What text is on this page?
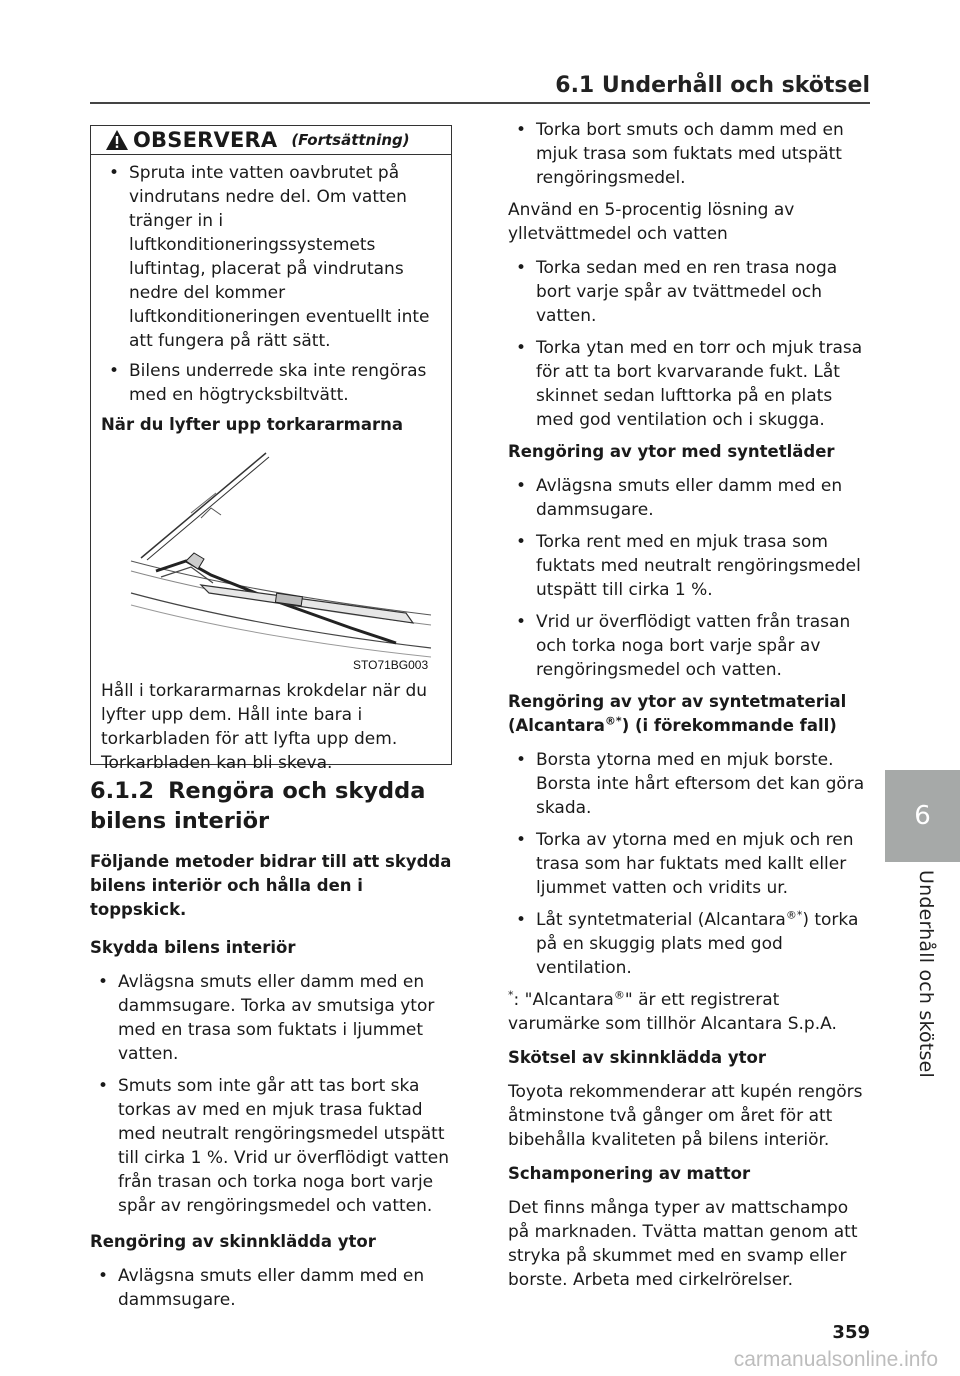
6.1 Underhåll och skötsel
OBSERVERA (Fortsättning)
• Spruta inte vatten oavbrutet på vindrutans nedre del. Om vatten tränger in i luftkonditioneringssystemets luftintag, placerat på vindrutans nedre del kommer luftkonditioneringen eventuellt inte att fungera på rätt sätt.
• Bilens underrede ska inte rengöras med en högtrycksbiltvätt.
När du lyfter upp torkararmarna
STO71BG003
Håll i torkararmarnas krokdelar när du lyfter upp dem. Håll inte bara i torkarbladen för att lyfta upp dem. Torkarbladen kan bli skeva.
6.1.2 Rengöra och skydda bilens interiör
Följande metoder bidrar till att skydda bilens interiör och hålla den i toppskick.
Skydda bilens interiör
• Avlägsna smuts eller damm med en dammsugare. Torka av smutsiga ytor med en trasa som fuktats i ljummet vatten.
• Smuts som inte går att tas bort ska torkas av med en mjuk trasa fuktad med neutralt rengöringsmedel utspätt till cirka 1 %. Vrid ur överflödigt vatten från trasan och torka noga bort varje spår av rengöringsmedel och vatten.
Rengöring av skinnklädda ytor
• Avlägsna smuts eller damm med en dammsugare.
• Torka bort smuts och damm med en mjuk trasa som fuktats med utspätt rengöringsmedel.

Använd en 5-procentig lösning av ylletvättmedel och vatten

• Torka sedan med en ren trasa noga bort varje spår av tvättmedel och vatten.
• Torka ytan med en torr och mjuk trasa för att ta bort kvarvarande fukt. Låt skinnet sedan lufttorka på en plats med god ventilation och i skugga.
Rengöring av ytor med syntetläder
• Avlägsna smuts eller damm med en dammsugare.
• Torka rent med en mjuk trasa som fuktats med neutralt rengöringsmedel utspätt till cirka 1 %.
• Vrid ur överflödigt vatten från trasan och torka noga bort varje spår av rengöringsmedel och vatten.
Rengöring av ytor av syntetmaterial
(Alcantara®*) (i förekommande fall)
• Borsta ytorna med en mjuk borste. Borsta inte hårt eftersom det kan göra skada.
• Torka av ytorna med en mjuk och ren trasa som har fuktats med kallt eller ljummet vatten och vridits ur.
• Låt syntetmaterial (Alcantara®*) torka på en skuggig plats med god ventilation.

*: "Alcantara®" är ett registrerat varumärke som tillhör Alcantara S.p.A.

Skötsel av skinnklädda ytor

Toyota rekommenderar att kupén rengörs åtminstone två gånger om året för att bibehålla kvaliteten på bilens interiör.

Schamponering av mattor

Det finns många typer av mattschampo på marknaden. Tvätta mattan genom att stryka på skummet med en svamp eller borste. Arbeta med cirkelrörelser.

6
Underhåll och skötsel
359
carmanualsonline.info
